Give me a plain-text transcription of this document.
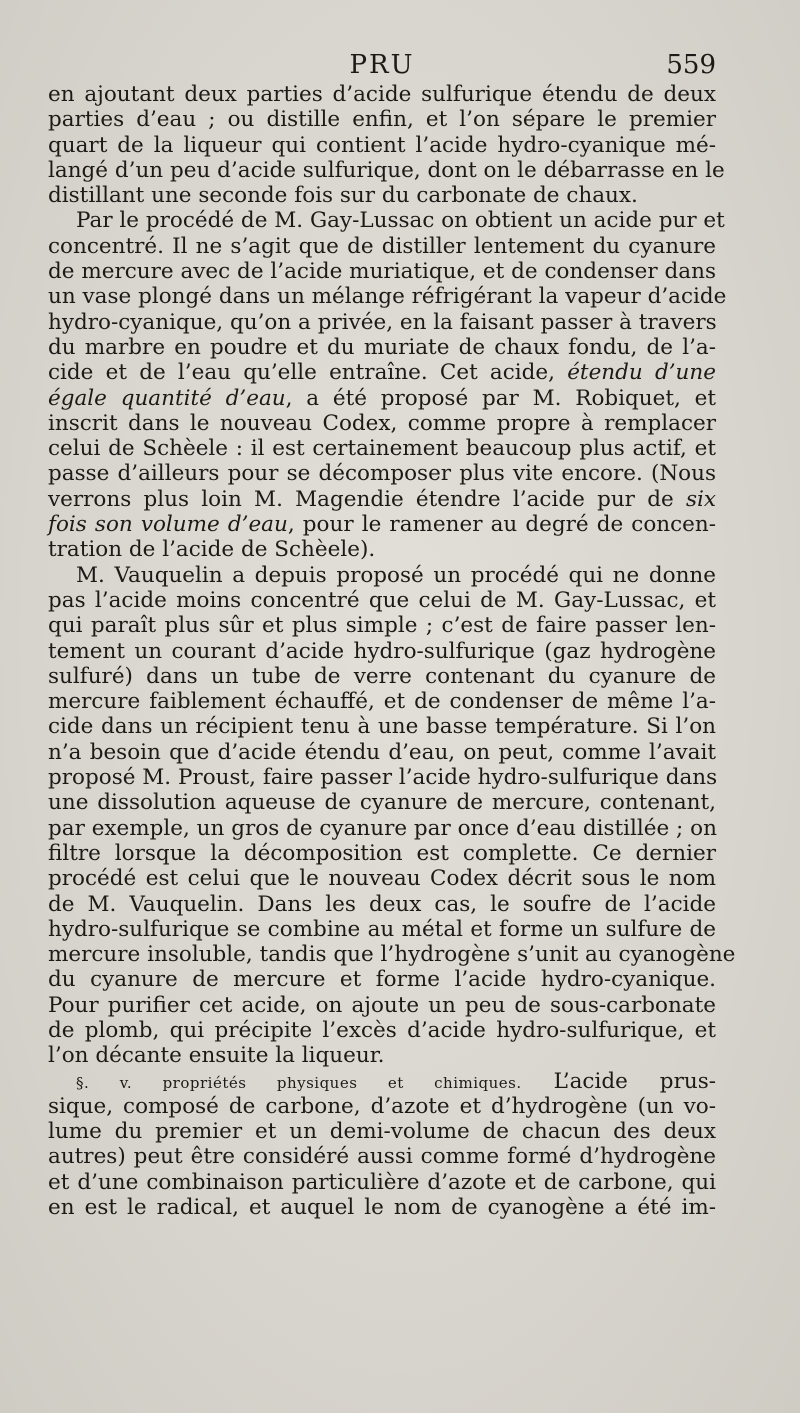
PRU	559
en ajoutant deux parties d’acide sulfurique étendu de deux
parties d’eau ; ou distille enfin, et l’on sépare le premier
quart de la liqueur qui contient l’acide hydro-cyanique mé-
langé d’un peu d’acide sulfurique, dont on le débarrasse en le
distillant une seconde fois sur du carbonate de chaux.
Par le procédé de M. Gay-Lussac on obtient un acide pur et
concentré. Il ne s’agit que de distiller lentement du cyanure
de mercure avec de l’acide muriatique, et de condenser dans
un vase plongé dans un mélange réfrigérant la vapeur d’acide
hydro-cyanique, qu’on a privée, en la faisant passer à travers
du marbre en poudre et du muriate de chaux fondu, de l’a-
cide et de l’eau qu’elle entraîne. Cet acide, étendu d’une
égale quantité d’eau, a été proposé par M. Robiquet, et
inscrit dans le nouveau Codex, comme propre à remplacer
celui de Schèele : il est certainement beaucoup plus actif, et
passe d’ailleurs pour se décomposer plus vite encore. (Nous
verrons plus loin M. Magendie étendre l’acide pur de six
fois son volume d’eau, pour le ramener au degré de concen-
tration de l’acide de Schèele).
M. Vauquelin a depuis proposé un procédé qui ne donne
pas l’acide moins concentré que celui de M. Gay-Lussac, et
qui paraît plus sûr et plus simple ; c’est de faire passer len-
tement un courant d’acide hydro-sulfurique (gaz hydrogène
sulfuré) dans un tube de verre contenant du cyanure de
mercure faiblement échauffé, et de condenser de même l’a-
cide dans un récipient tenu à une basse température. Si l’on
n’a besoin que d’acide étendu d’eau, on peut, comme l’avait
proposé M. Proust, faire passer l’acide hydro-sulfurique dans
une dissolution aqueuse de cyanure de mercure, contenant,
par exemple, un gros de cyanure par once d’eau distillée ; on
filtre lorsque la décomposition est complette. Ce dernier
procédé est celui que le nouveau Codex décrit sous le nom
de M. Vauquelin. Dans les deux cas, le soufre de l’acide
hydro-sulfurique se combine au métal et forme un sulfure de
mercure insoluble, tandis que l’hydrogène s’unit au cyanogène
du cyanure de mercure et forme l’acide hydro-cyanique.
Pour purifier cet acide, on ajoute un peu de sous-carbonate
de plomb, qui précipite l’excès d’acide hydro-sulfurique, et
l’on décante ensuite la liqueur.
§. v. propriétés physiques et chimiques. L’acide prus-
sique, composé de carbone, d’azote et d’hydrogène (un vo-
lume du premier et un demi-volume de chacun des deux
autres) peut être considéré aussi comme formé d’hydrogène
et d’une combinaison particulière d’azote et de carbone, qui
en est le radical, et auquel le nom de cyanogène a été im-
